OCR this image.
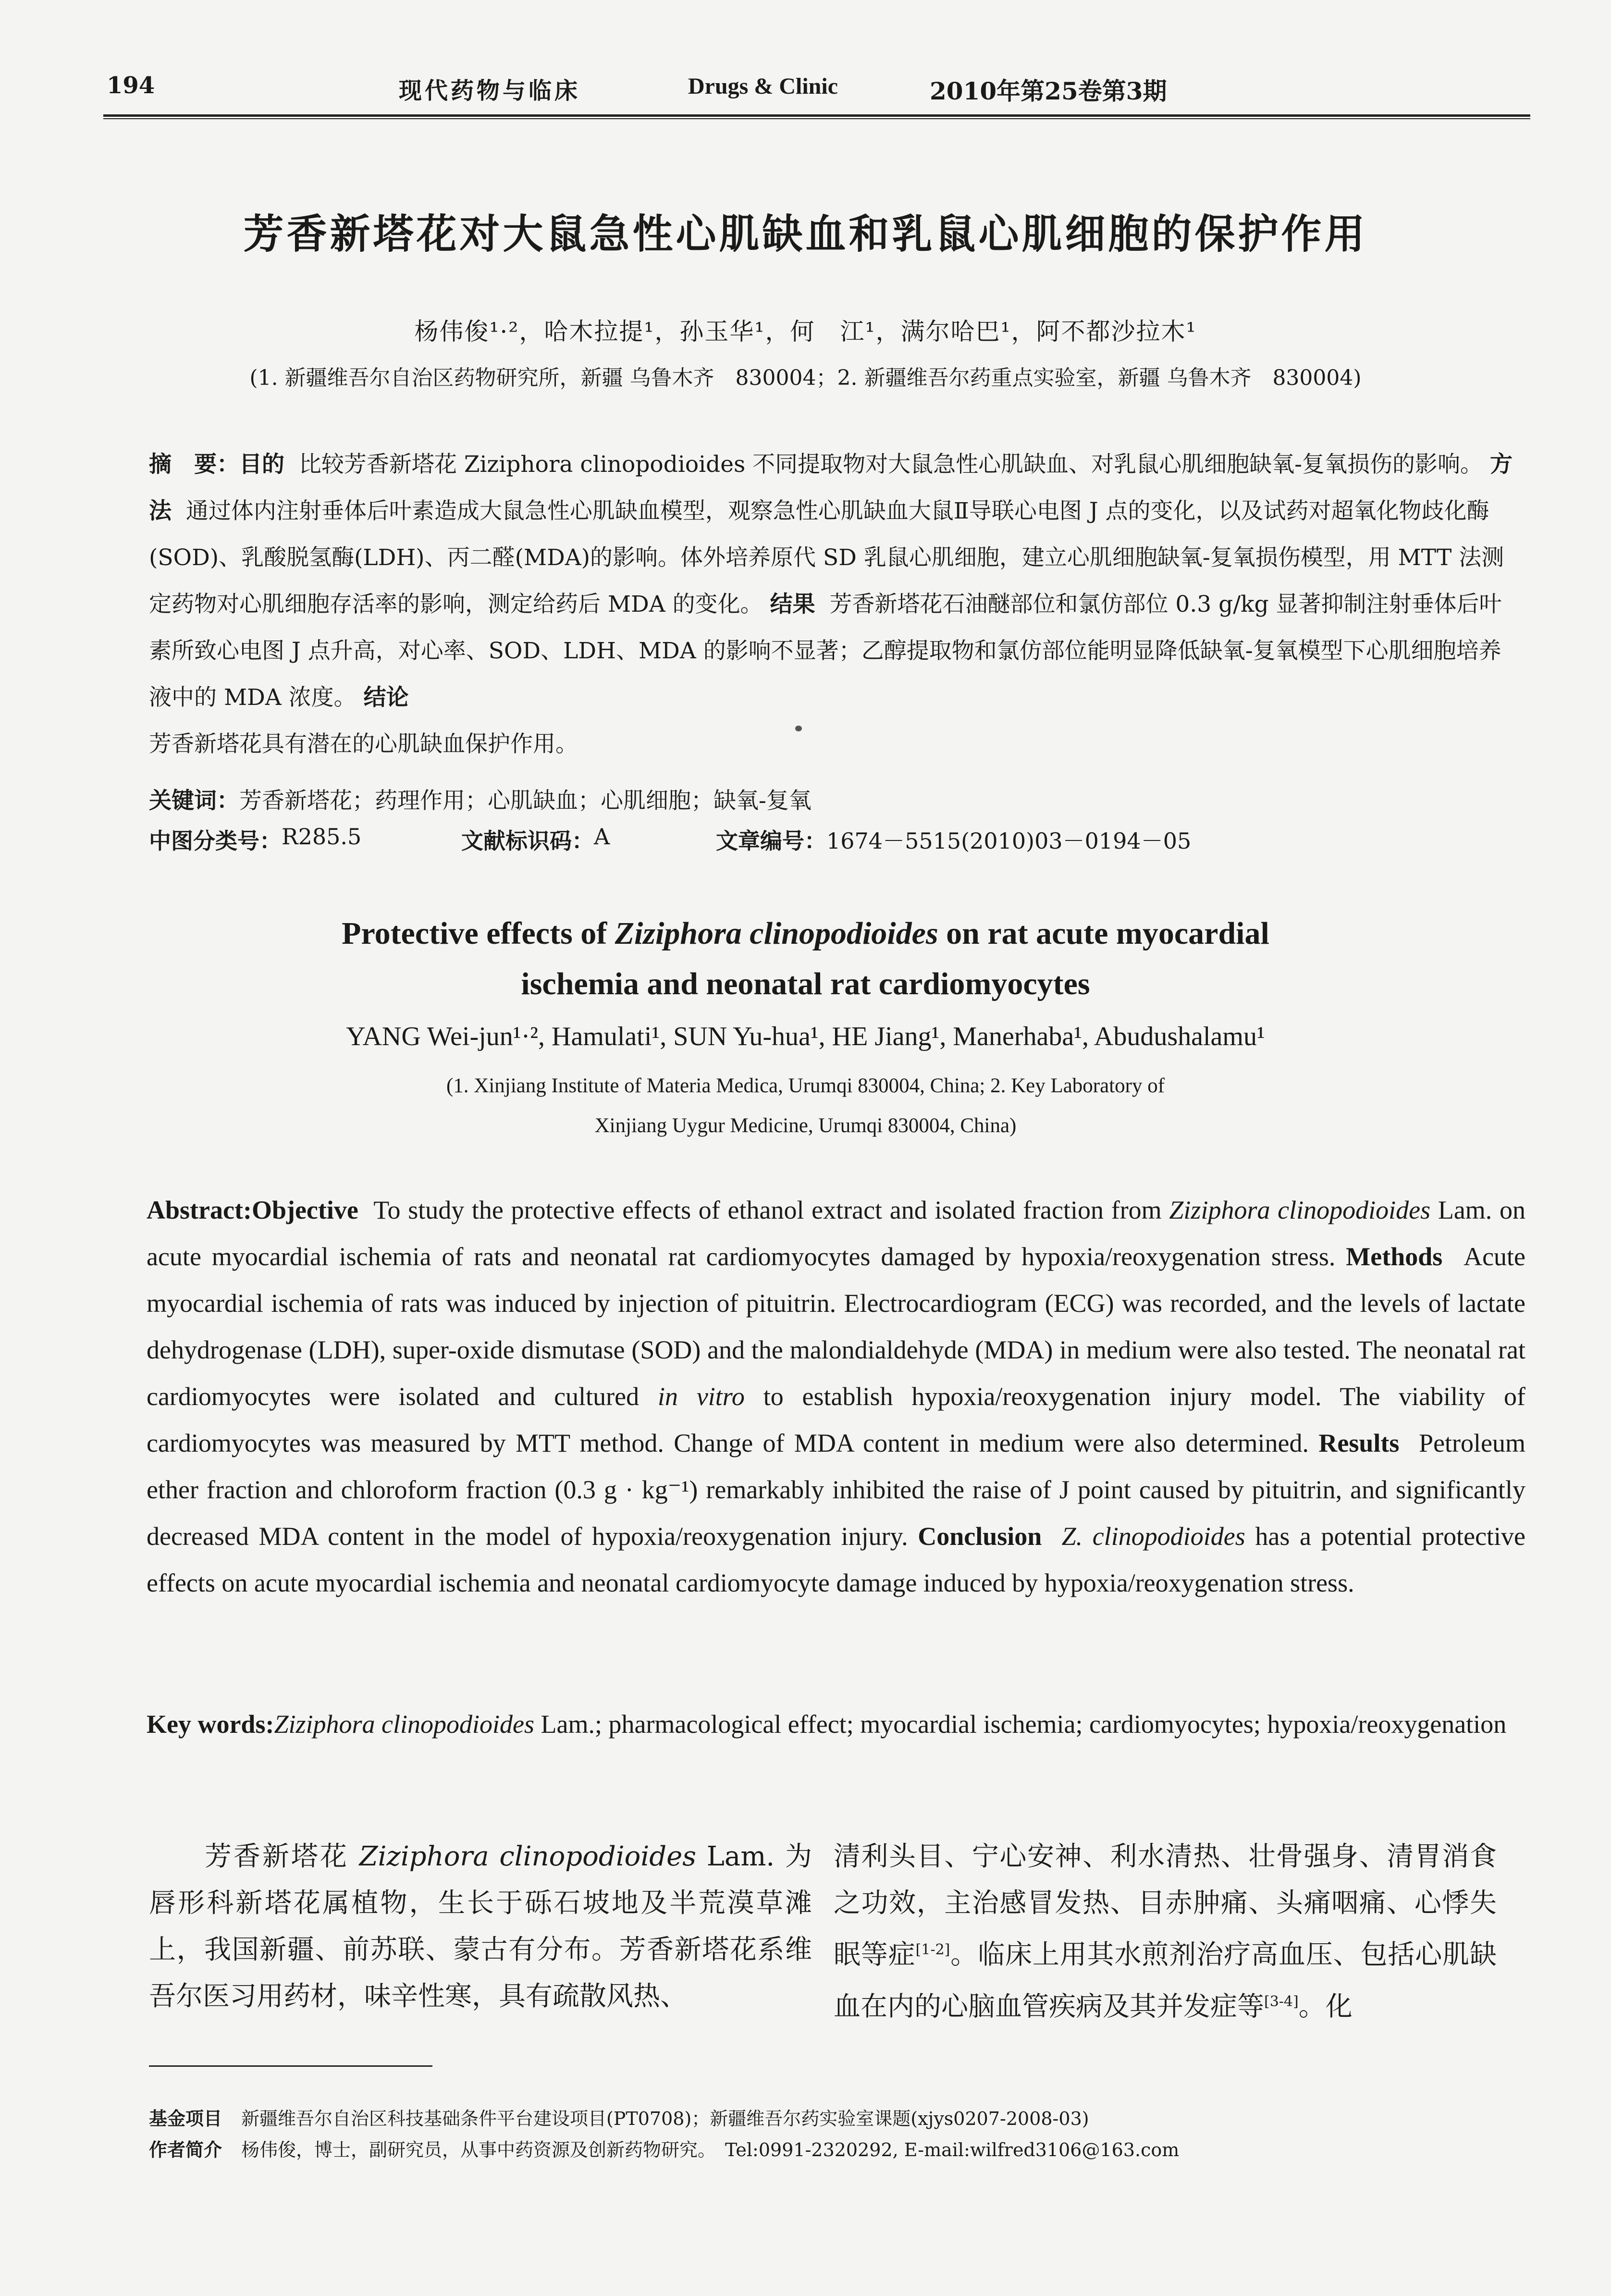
194	现代药物与临床	Drugs & Clinic	2010年第25卷第3期
芳香新塔花对大鼠急性心肌缺血和乳鼠心肌细胞的保护作用
杨伟俊¹·²，哈木拉提¹，孙玉华¹，何　江¹，满尔哈巴¹，阿不都沙拉木¹
(1. 新疆维吾尔自治区药物研究所，新疆 乌鲁木齐　830004；2. 新疆维吾尔药重点实验室，新疆 乌鲁木齐　830004)
摘　要：目的 比较芳香新塔花 Ziziphora clinopodioides 不同提取物对大鼠急性心肌缺血、对乳鼠心肌细胞缺氧-复氧损伤的影响。 方法 通过体内注射垂体后叶素造成大鼠急性心肌缺血模型，观察急性心肌缺血大鼠Ⅱ导联心电图 J 点的变化，以及试药对超氧化物歧化酶(SOD)、乳酸脱氢酶(LDH)、丙二醛(MDA)的影响。体外培养原代 SD 乳鼠心肌细胞，建立心肌细胞缺氧-复氧损伤模型，用 MTT 法测定药物对心肌细胞存活率的影响，测定给药后 MDA 的变化。 结果 芳香新塔花石油醚部位和氯仿部位 0.3 g/kg 显著抑制注射垂体后叶素所致心电图 J 点升高，对心率、SOD、LDH、MDA 的影响不显著；乙醇提取物和氯仿部位能明显降低缺氧-复氧模型下心肌细胞培养液中的 MDA 浓度。 结论
芳香新塔花具有潜在的心肌缺血保护作用。
关键词：芳香新塔花；药理作用；心肌缺血；心肌细胞；缺氧-复氧
中图分类号： R285.5	文献标识码： A	文章编号： 1674－5515(2010)03－0194－05
Protective effects of Ziziphora clinopodioides on rat acute myocardial
ischemia and neonatal rat cardiomyocytes
YANG Wei-jun¹·², Hamulati¹, SUN Yu-hua¹, HE Jiang¹, Manerhaba¹, Abudushalamu¹
(1. Xinjiang Institute of Materia Medica, Urumqi 830004, China; 2. Key Laboratory of
Xinjiang Uygur Medicine, Urumqi 830004, China)
Abstract:Objective To study the protective effects of ethanol extract and isolated fraction from Ziziphora clinopodioides Lam. on acute myocardial ischemia of rats and neonatal rat cardiomyocytes damaged by hypoxia/reoxygenation stress. Methods Acute myocardial ischemia of rats was induced by injection of pituitrin. Electrocardiogram (ECG) was recorded, and the levels of lactate dehydrogenase (LDH), super-oxide dismutase (SOD) and the malondialdehyde (MDA) in medium were also tested. The neonatal rat cardiomyocytes were isolated and cultured in vitro to establish hypoxia/reoxygenation injury model. The viability of cardiomyocytes was measured by MTT method. Change of MDA content in medium were also determined. Results Petroleum ether fraction and chloroform fraction (0.3 g · kg⁻¹) remarkably inhibited the raise of J point caused by pituitrin, and significantly decreased MDA content in the model of hypoxia/reoxygenation injury. Conclusion Z. clinopodioides has a potential protective effects on acute myocardial ischemia and neonatal cardiomyocyte damage induced by hypoxia/reoxygenation stress.
Key words:Ziziphora clinopodioides Lam.; pharmacological effect; myocardial ischemia; cardiomyocytes; hypoxia/reoxygenation
  芳香新塔花 Ziziphora clinopodioides Lam. 为唇形科新塔花属植物，生长于砾石坡地及半荒漠草滩上，我国新疆、前苏联、蒙古有分布。芳香新塔花系维吾尔医习用药材，味辛性寒，具有疏散风热、
清利头目、宁心安神、利水清热、壮骨强身、清胃消食之功效，主治感冒发热、目赤肿痛、头痛咽痛、心悸失眠等症[1-2]。临床上用其水煎剂治疗高血压、包括心肌缺血在内的心脑血管疾病及其并发症等[3-4]。化
基金项目 新疆维吾尔自治区科技基础条件平台建设项目(PT0708)；新疆维吾尔药实验室课题(xjys0207-2008-03)
作者简介 杨伟俊，博士，副研究员，从事中药资源及创新药物研究。　Tel:0991-2320292, E-mail:wilfred3106@163.com
